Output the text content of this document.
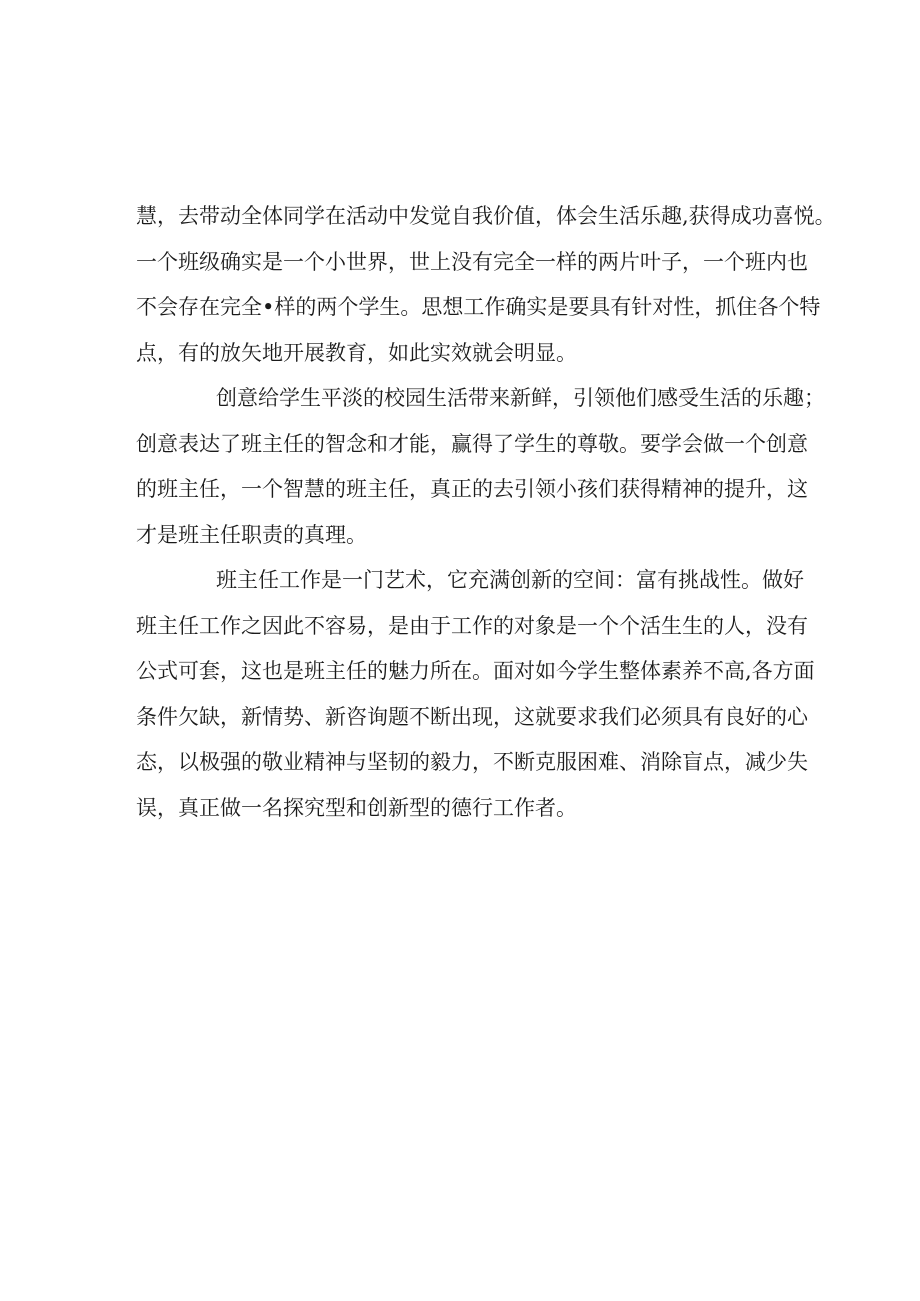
慧，去带动全体同学在活动中发觉自我价值，体会生活乐趣,获得成功喜悦。
一个班级确实是一个小世界，世上没有完全一样的两片叶子，一个班内也
不会存在完全•样的两个学生。思想工作确实是要具有针对性，抓住各个特
点，有的放矢地开展教育，如此实效就会明显。
创意给学生平淡的校园生活带来新鲜，引领他们感受生活的乐趣；
创意表达了班主任的智念和才能，赢得了学生的尊敬。要学会做一个创意
的班主任，一个智慧的班主任，真正的去引领小孩们获得精神的提升，这
才是班主任职责的真理。
班主任工作是一门艺术，它充满创新的空间：富有挑战性。做好
班主任工作之因此不容易，是由于工作的对象是一个个活生生的人，没有
公式可套，这也是班主任的魅力所在。面对如今学生整体素养不高,各方面
条件欠缺，新情势、新咨询题不断出现，这就要求我们必须具有良好的心
态，以极强的敬业精神与坚韧的毅力，不断克服困难、消除盲点，减少失
误，真正做一名探究型和创新型的德行工作者。
